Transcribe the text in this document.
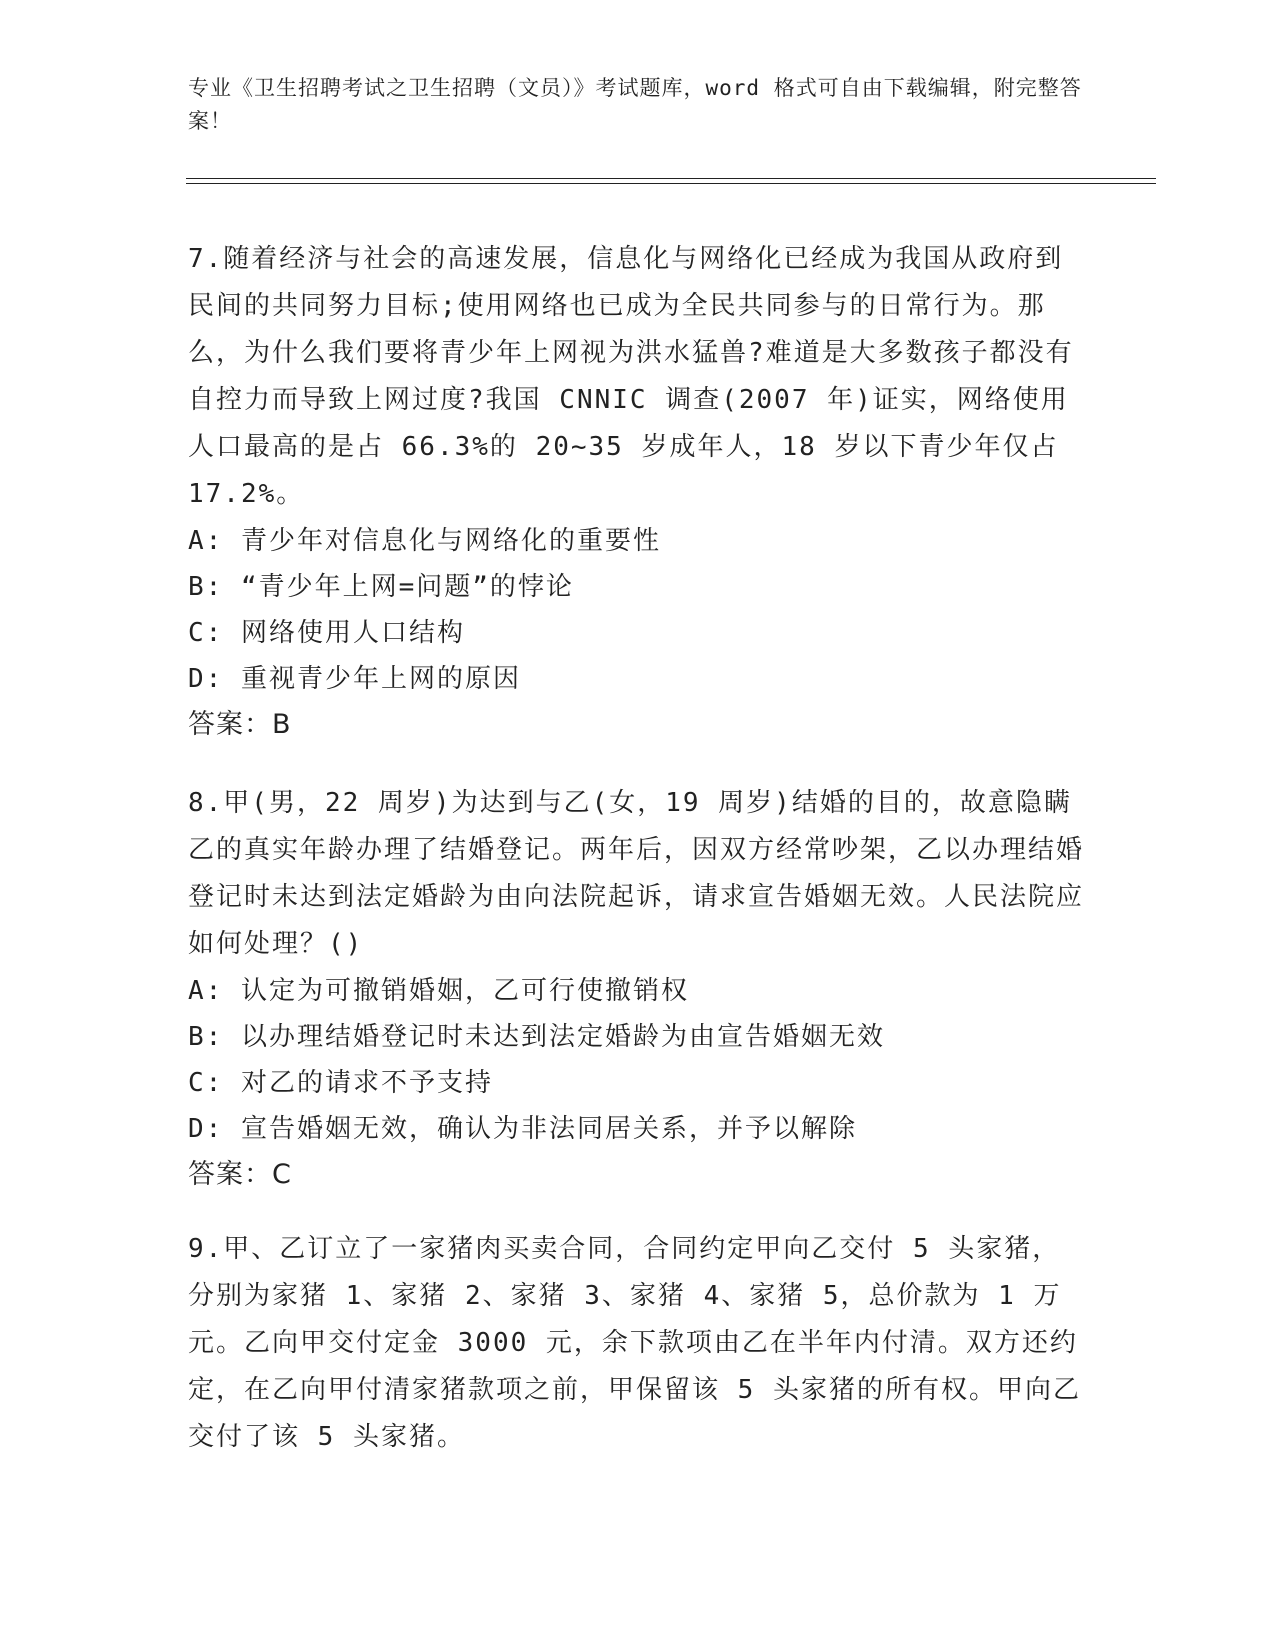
专业《卫生招聘考试之卫生招聘（文员）》考试题库，word 格式可自由下载编辑，附完整答案！

7.随着经济与社会的高速发展，信息化与网络化已经成为我国从政府到民间的共同努力目标;使用网络也已成为全民共同参与的日常行为。那么，为什么我们要将青少年上网视为洪水猛兽?难道是大多数孩子都没有自控力而导致上网过度?我国 CNNIC 调查(2007 年)证实，网络使用人口最高的是占 66.3%的 20~35 岁成年人，18 岁以下青少年仅占 17.2%。

A: 青少年对信息化与网络化的重要性

B: “青少年上网=问题”的悖论

C: 网络使用人口结构

D: 重视青少年上网的原因

答案：B

8.甲(男，22 周岁)为达到与乙(女，19 周岁)结婚的目的，故意隐瞒乙的真实年龄办理了结婚登记。两年后，因双方经常吵架，乙以办理结婚登记时未达到法定婚龄为由向法院起诉，请求宣告婚姻无效。人民法院应如何处理？()

A: 认定为可撤销婚姻，乙可行使撤销权

B: 以办理结婚登记时未达到法定婚龄为由宣告婚姻无效

C: 对乙的请求不予支持

D: 宣告婚姻无效，确认为非法同居关系，并予以解除

答案：C

9.甲、乙订立了一家猪肉买卖合同，合同约定甲向乙交付 5 头家猪，分别为家猪 1、家猪 2、家猪 3、家猪 4、家猪 5，总价款为 1 万元。乙向甲交付定金 3000 元，余下款项由乙在半年内付清。双方还约定，在乙向甲付清家猪款项之前，甲保留该 5 头家猪的所有权。甲向乙交付了该 5 头家猪。
